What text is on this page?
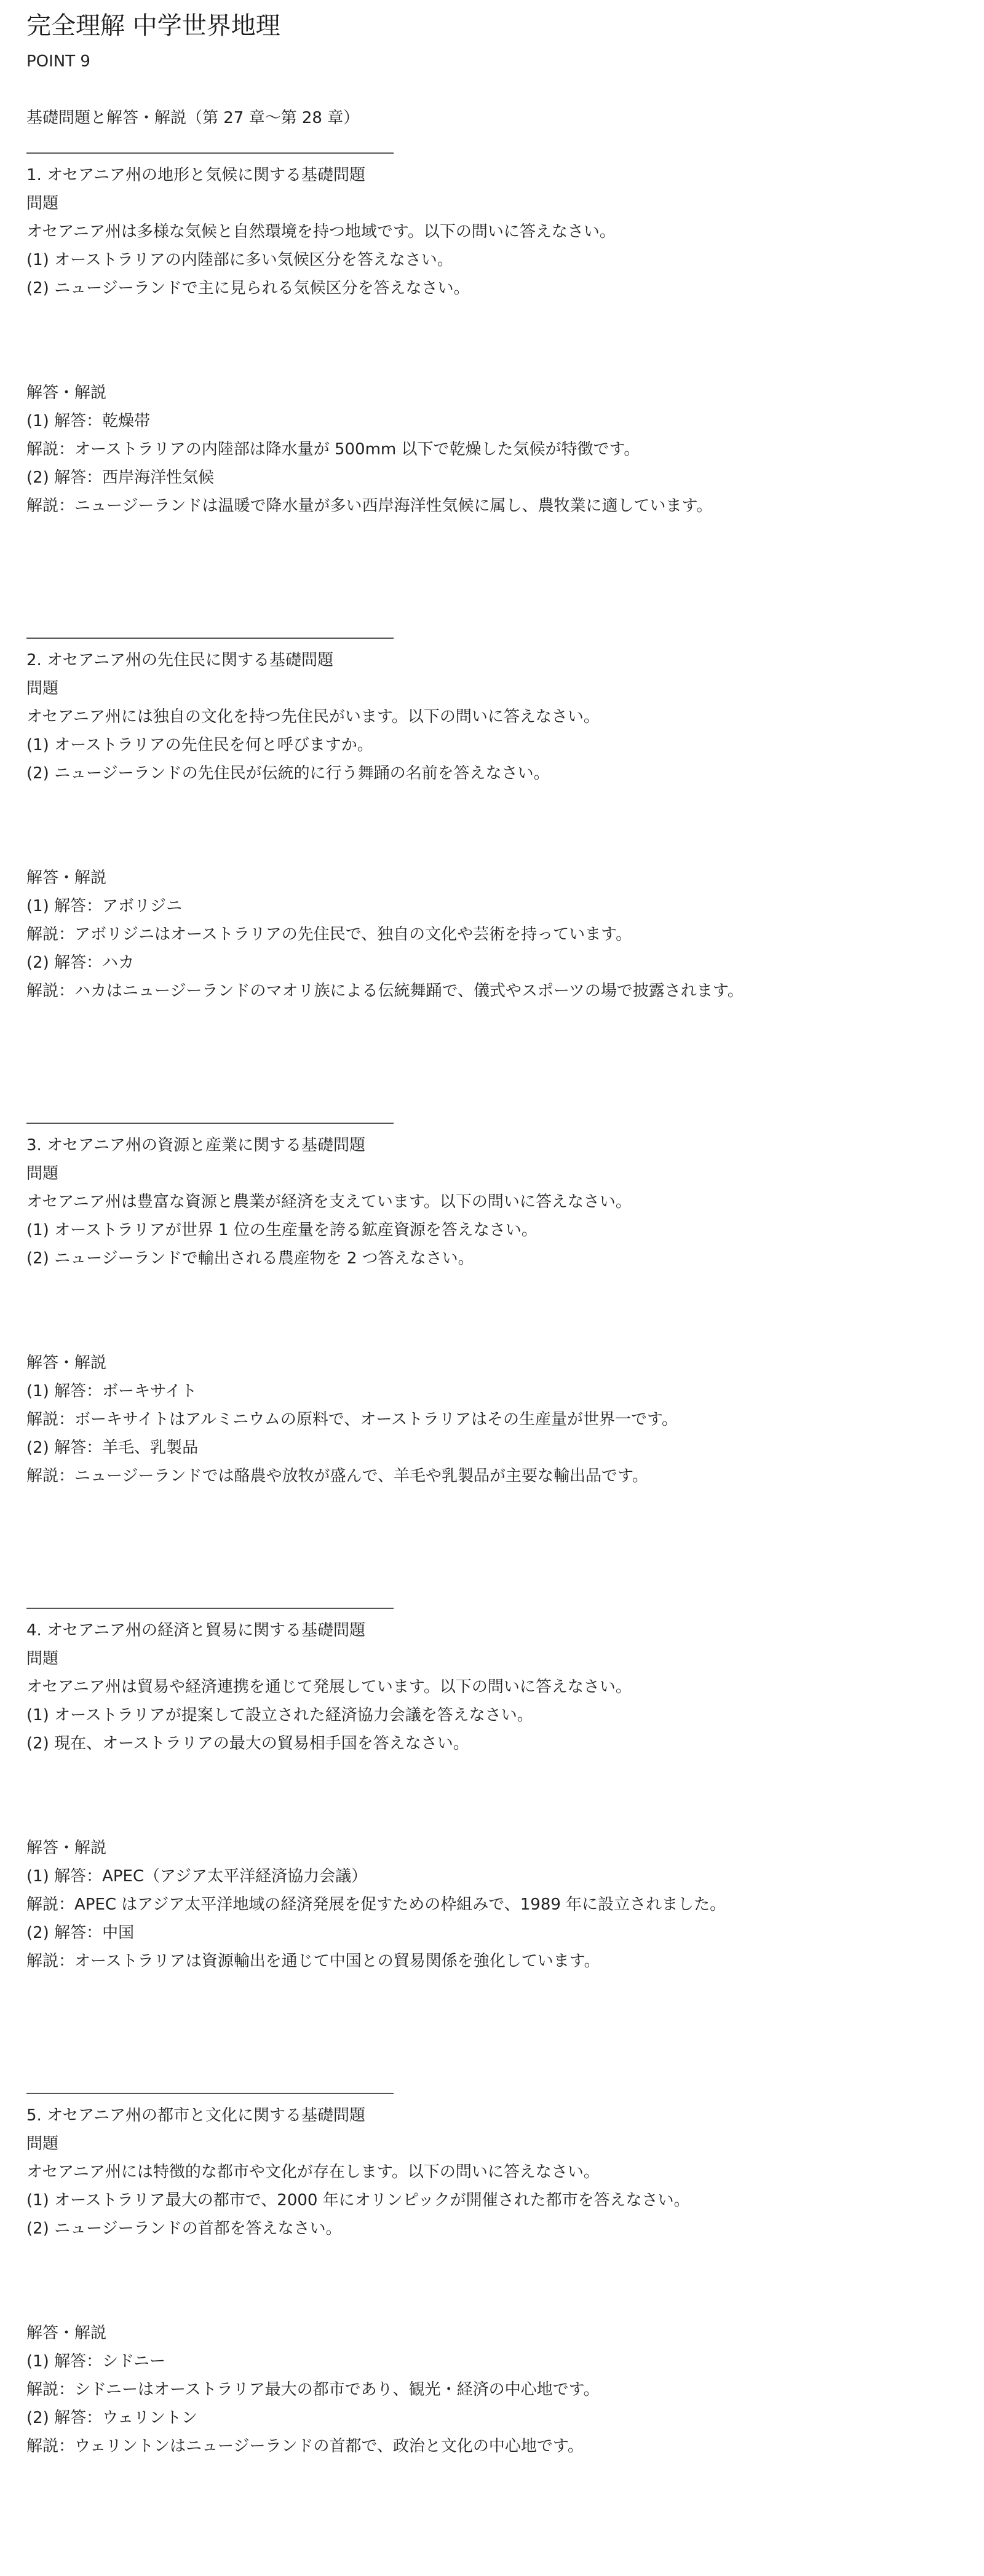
完全理解 中学世界地理
POINT 9
基礎問題と解答・解説（第 27 章〜第 28 章）
1. オセアニア州の地形と気候に関する基礎問題
問題
オセアニア州は多様な気候と自然環境を持つ地域です。以下の問いに答えなさい。
(1) オーストラリアの内陸部に多い気候区分を答えなさい。
(2) ニュージーランドで主に見られる気候区分を答えなさい。
解答・解説
(1) 解答：乾燥帯
解説：オーストラリアの内陸部は降水量が 500mm 以下で乾燥した気候が特徴です。
(2) 解答：西岸海洋性気候
解説：ニュージーランドは温暖で降水量が多い西岸海洋性気候に属し、農牧業に適しています。
2. オセアニア州の先住民に関する基礎問題
問題
オセアニア州には独自の文化を持つ先住民がいます。以下の問いに答えなさい。
(1) オーストラリアの先住民を何と呼びますか。
(2) ニュージーランドの先住民が伝統的に行う舞踊の名前を答えなさい。
解答・解説
(1) 解答：アボリジニ
解説：アボリジニはオーストラリアの先住民で、独自の文化や芸術を持っています。
(2) 解答：ハカ
解説：ハカはニュージーランドのマオリ族による伝統舞踊で、儀式やスポーツの場で披露されます。
3. オセアニア州の資源と産業に関する基礎問題
問題
オセアニア州は豊富な資源と農業が経済を支えています。以下の問いに答えなさい。
(1) オーストラリアが世界 1 位の生産量を誇る鉱産資源を答えなさい。
(2) ニュージーランドで輸出される農産物を 2 つ答えなさい。
解答・解説
(1) 解答：ボーキサイト
解説：ボーキサイトはアルミニウムの原料で、オーストラリアはその生産量が世界一です。
(2) 解答：羊毛、乳製品
解説：ニュージーランドでは酪農や放牧が盛んで、羊毛や乳製品が主要な輸出品です。
4. オセアニア州の経済と貿易に関する基礎問題
問題
オセアニア州は貿易や経済連携を通じて発展しています。以下の問いに答えなさい。
(1) オーストラリアが提案して設立された経済協力会議を答えなさい。
(2) 現在、オーストラリアの最大の貿易相手国を答えなさい。
解答・解説
(1) 解答：APEC（アジア太平洋経済協力会議）
解説：APEC はアジア太平洋地域の経済発展を促すための枠組みで、1989 年に設立されました。
(2) 解答：中国
解説：オーストラリアは資源輸出を通じて中国との貿易関係を強化しています。
5. オセアニア州の都市と文化に関する基礎問題
問題
オセアニア州には特徴的な都市や文化が存在します。以下の問いに答えなさい。
(1) オーストラリア最大の都市で、2000 年にオリンピックが開催された都市を答えなさい。
(2) ニュージーランドの首都を答えなさい。
解答・解説
(1) 解答：シドニー
解説：シドニーはオーストラリア最大の都市であり、観光・経済の中心地です。
(2) 解答：ウェリントン
解説：ウェリントンはニュージーランドの首都で、政治と文化の中心地です。
